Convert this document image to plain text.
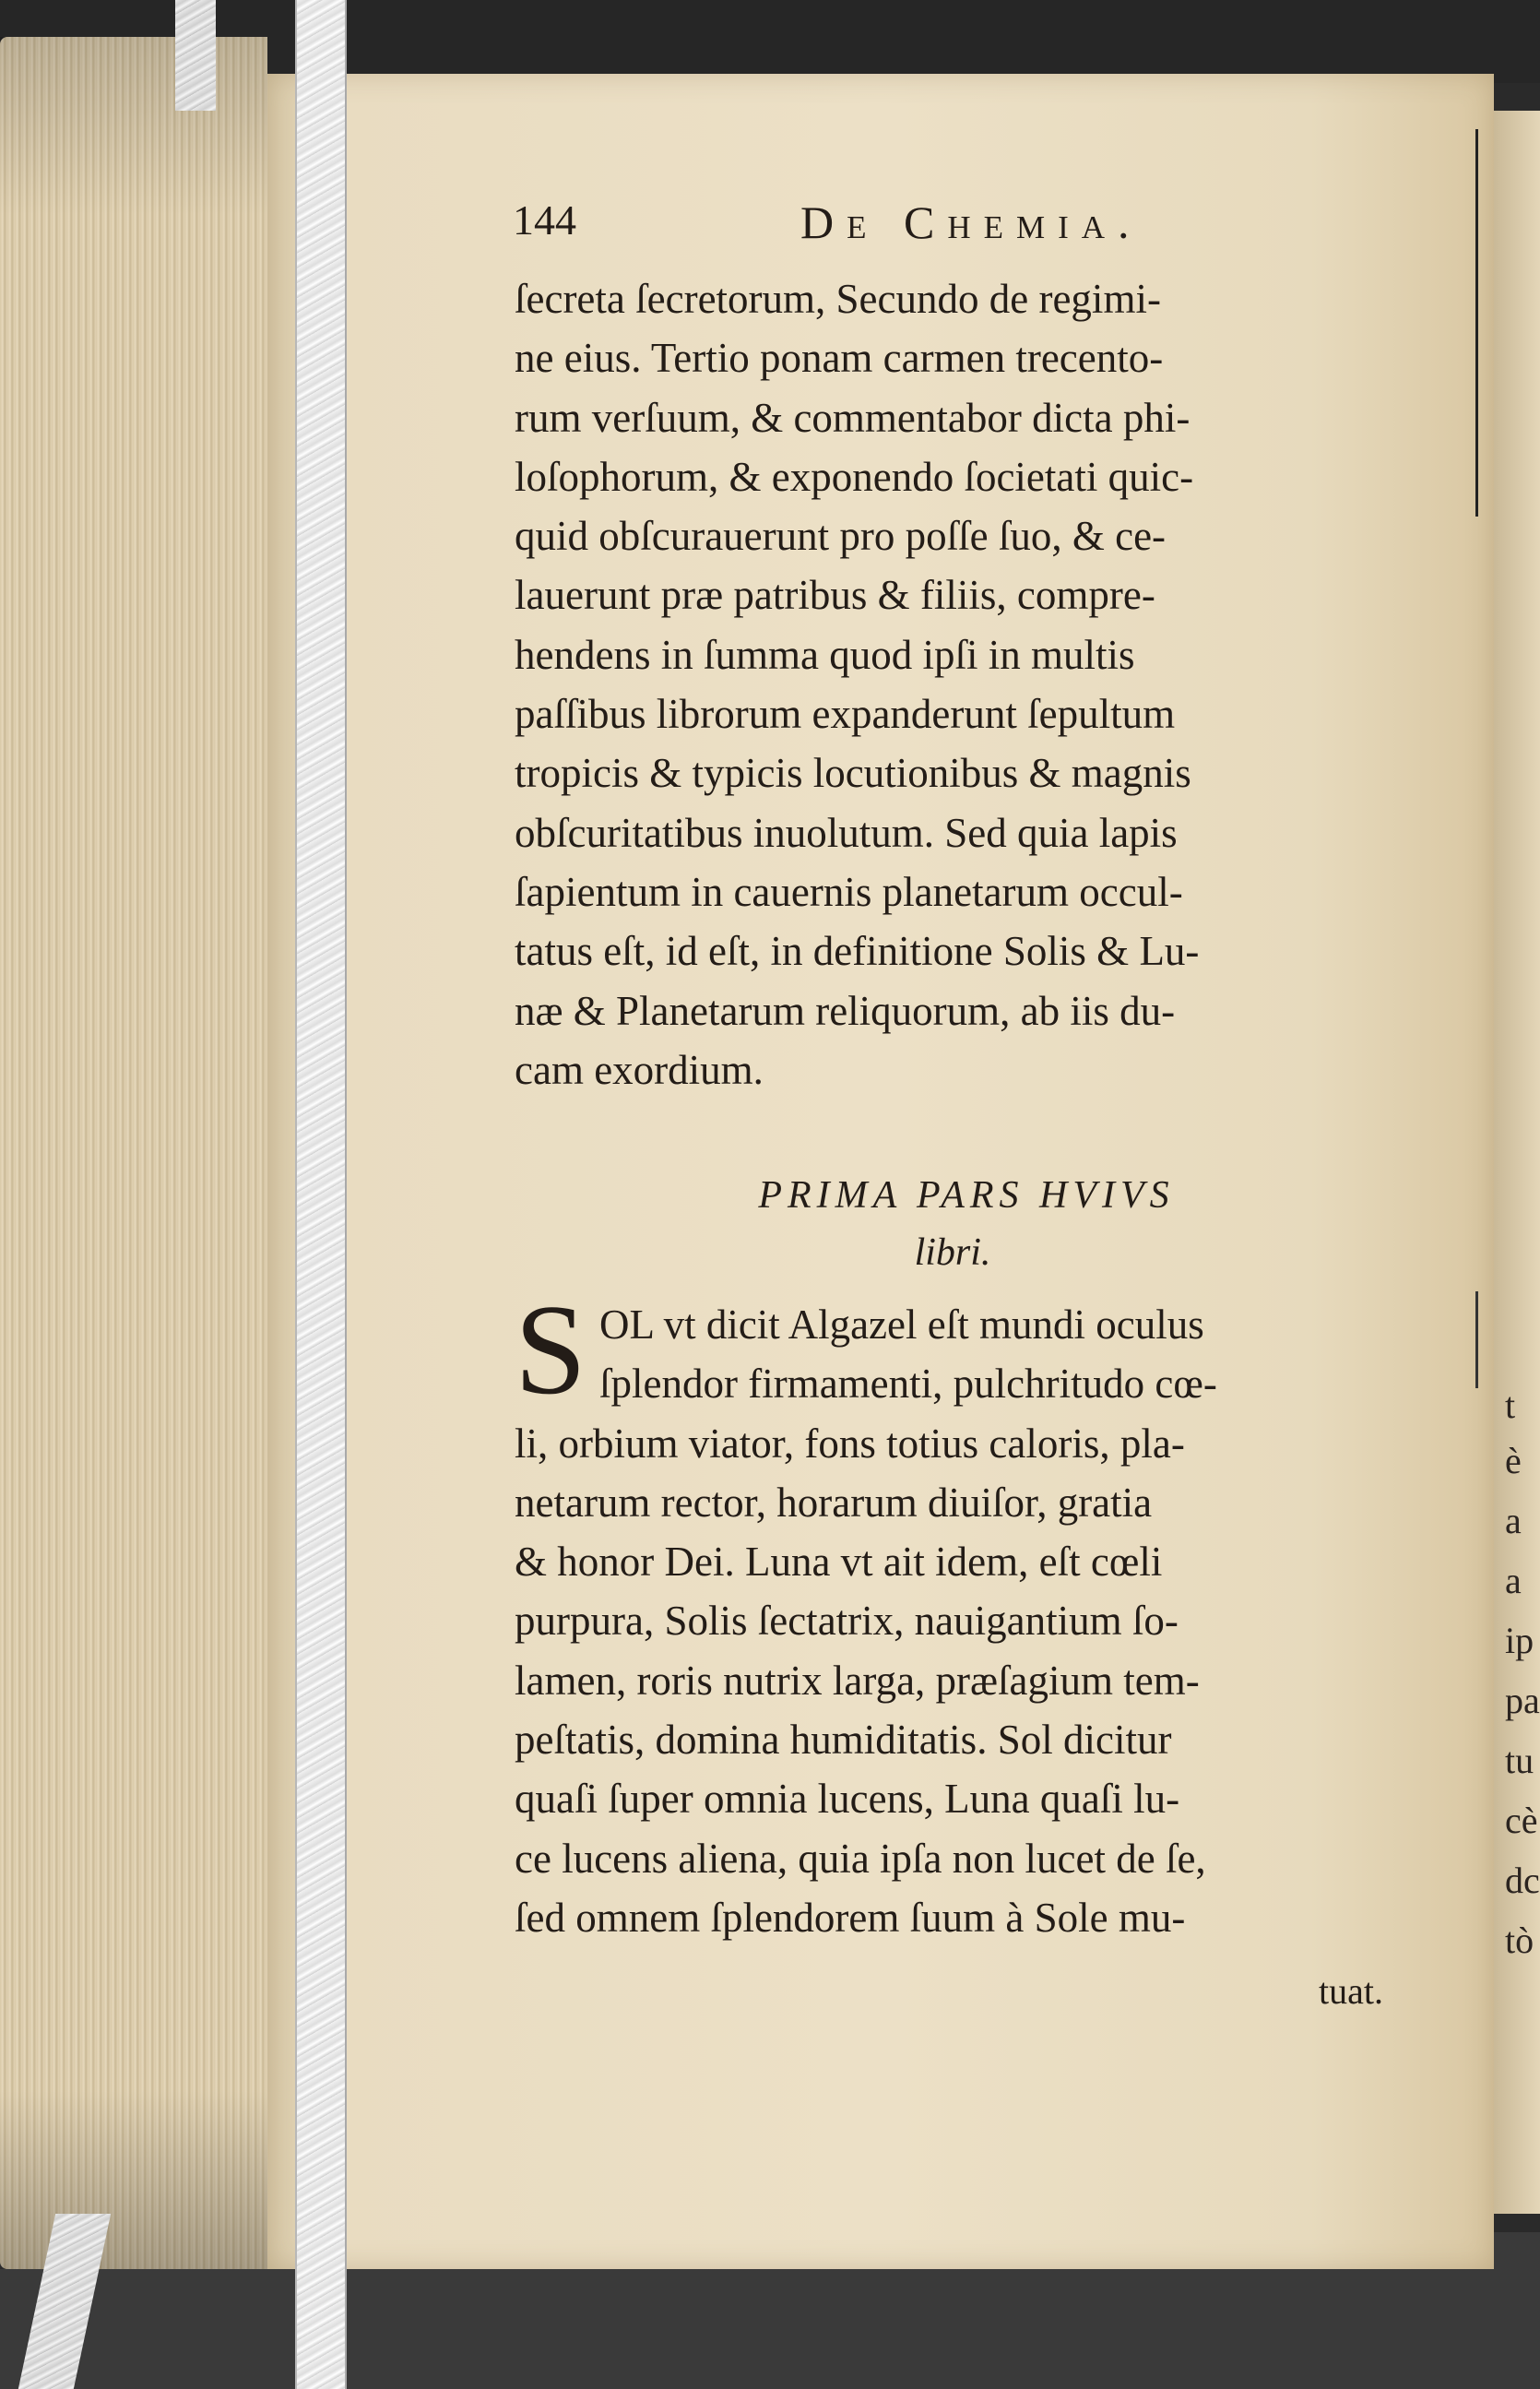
144	De Chemia.
ſecreta ſecretorum, Secundo de regimi-
ne eius. Tertio ponam carmen trecento-
rum verſuum, & commentabor dicta phi-
loſophorum, & exponendo ſocietati quic-
quid obſcurauerunt pro poſſe ſuo, & ce-
lauerunt præ patribus & filiis, compre-
hendens in ſumma quod ipſi in multis
paſſibus librorum expanderunt ſepultum
tropicis & typicis locutionibus & magnis
obſcuritatibus inuolutum. Sed quia lapis
ſapientum in cauernis planetarum occul-
tatus eſt, id eſt, in definitione Solis & Lu-
næ & Planetarum reliquorum, ab iis du-
cam exordium.
PRIMA PARS HVIVS
libri.
S OL vt dicit Algazel eſt mundi oculus
ſplendor firmamenti, pulchritudo cœ-
li, orbium viator, fons totius caloris, pla-
netarum rector, horarum diuiſor, gratia
& honor Dei. Luna vt ait idem, eſt cœli
purpura, Solis ſectatrix, nauigantium ſo-
lamen, roris nutrix larga, præſagium tem-
peſtatis, domina humiditatis. Sol dicitur
quaſi ſuper omnia lucens, Luna quaſi lu-
ce lucens aliena, quia ipſa non lucet de ſe,
ſed omnem ſplendorem ſuum à Sole mu-
tuat.
t
è
a
a
ip
pa
tu
cè
dc
tò
